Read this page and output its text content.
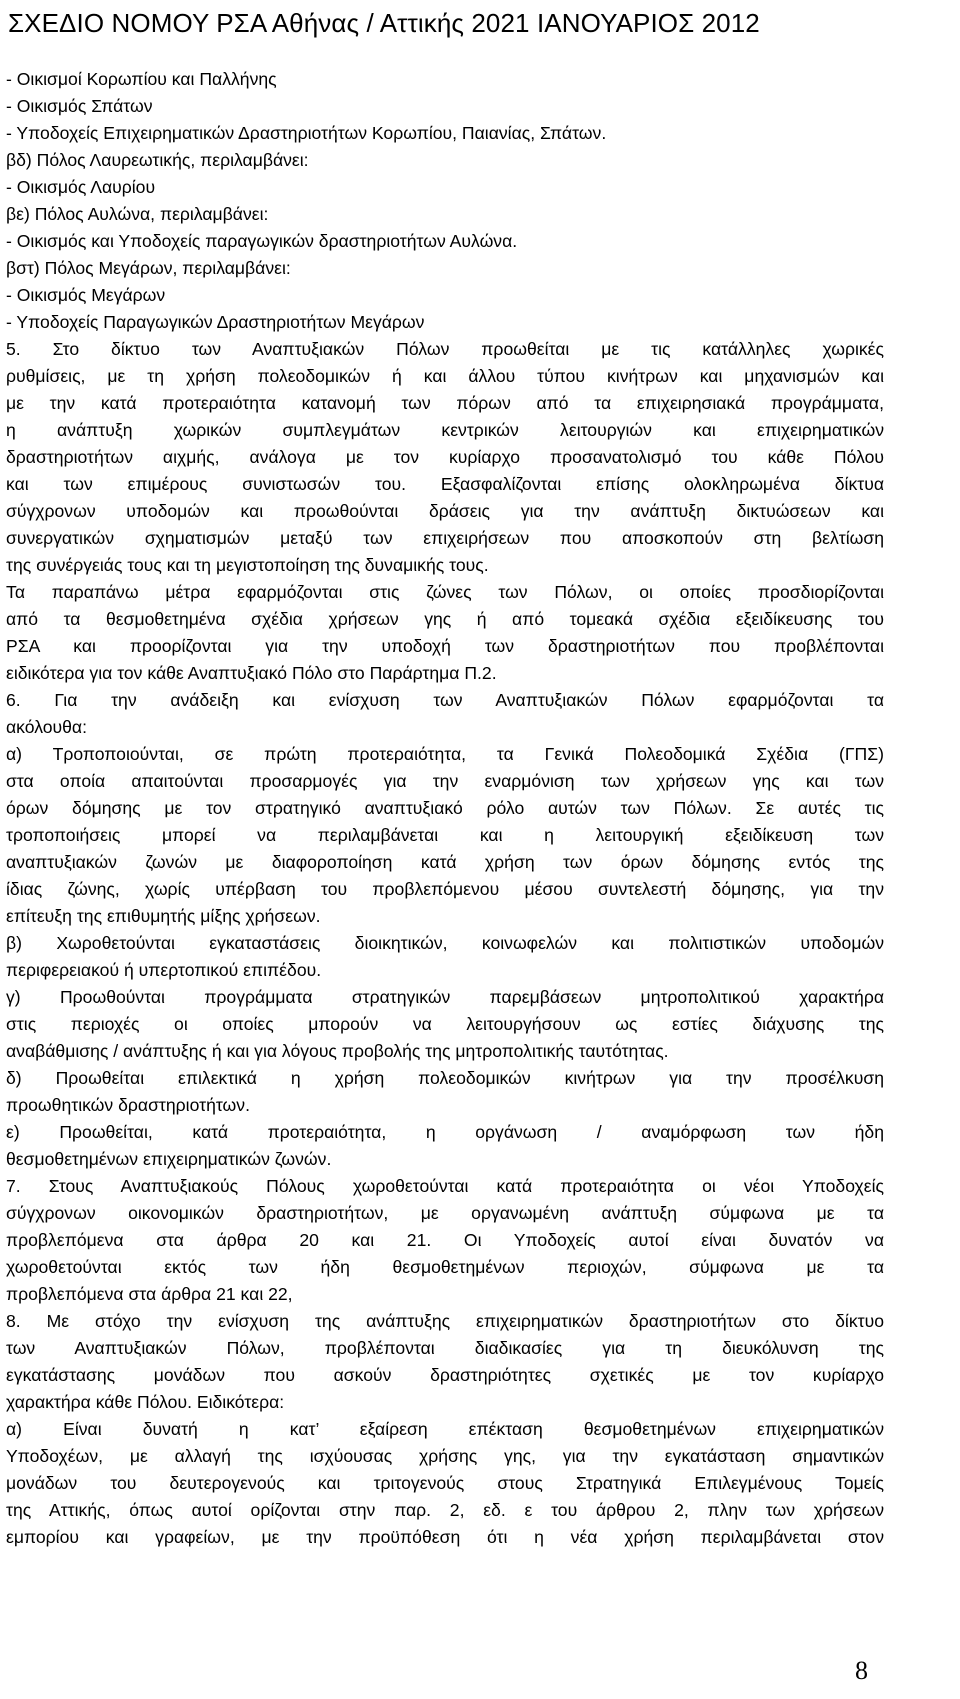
ΣΧΕΔΙΟ ΝΟΜΟΥ ΡΣΑ Αθήνας / Αττικής 2021 ΙΑΝΟΥΑΡΙΟΣ 2012
- Οικισμοί Κορωπίου και Παλλήνης
- Οικισμός Σπάτων
- Υποδοχείς Επιχειρηματικών Δραστηριοτήτων Κορωπίου, Παιανίας, Σπάτων.
βδ) Πόλος Λαυρεωτικής, περιλαμβάνει:
- Οικισμός Λαυρίου
βε) Πόλος Αυλώνα, περιλαμβάνει:
- Οικισμός και Υποδοχείς παραγωγικών δραστηριοτήτων Αυλώνα.
βστ) Πόλος Μεγάρων, περιλαμβάνει:
- Οικισμός Μεγάρων
- Υποδοχείς Παραγωγικών Δραστηριοτήτων Μεγάρων
5. Στο δίκτυο των Αναπτυξιακών Πόλων προωθείται με τις κατάλληλες χωρικές
ρυθμίσεις, με τη χρήση πολεοδομικών ή και άλλου τύπου κινήτρων και μηχανισμών και
με την κατά προτεραιότητα κατανομή των πόρων από τα επιχειρησιακά προγράμματα,
η ανάπτυξη χωρικών συμπλεγμάτων κεντρικών λειτουργιών και επιχειρηματικών
δραστηριοτήτων αιχμής, ανάλογα με τον κυρίαρχο προσανατολισμό του κάθε Πόλου
και των επιμέρους συνιστωσών του. Εξασφαλίζονται επίσης ολοκληρωμένα δίκτυα
σύγχρονων υποδομών και προωθούνται δράσεις για την ανάπτυξη δικτυώσεων και
συνεργατικών σχηματισμών μεταξύ των επιχειρήσεων που αποσκοπούν στη βελτίωση
της συνέργειάς τους και τη μεγιστοποίηση της δυναμικής τους.
Τα παραπάνω μέτρα εφαρμόζονται στις ζώνες των Πόλων, οι οποίες προσδιορίζονται
από τα θεσμοθετημένα σχέδια χρήσεων γης ή από τομεακά σχέδια εξειδίκευσης του
ΡΣΑ και προορίζονται για την υποδοχή των δραστηριοτήτων που προβλέπονται
ειδικότερα για τον κάθε Αναπτυξιακό Πόλο στο Παράρτημα Π.2.
6. Για την ανάδειξη και ενίσχυση των Αναπτυξιακών Πόλων εφαρμόζονται τα
ακόλουθα:
α) Τροποποιούνται, σε πρώτη προτεραιότητα, τα Γενικά Πολεοδομικά Σχέδια (ΓΠΣ)
στα οποία απαιτούνται προσαρμογές για την εναρμόνιση των χρήσεων γης και των
όρων δόμησης με τον στρατηγικό αναπτυξιακό ρόλο αυτών των Πόλων. Σε αυτές τις
τροποποιήσεις μπορεί να περιλαμβάνεται και η λειτουργική εξειδίκευση των
αναπτυξιακών ζωνών με διαφοροποίηση κατά χρήση των όρων δόμησης εντός της
ίδιας ζώνης, χωρίς υπέρβαση του προβλεπόμενου μέσου συντελεστή δόμησης, για την
επίτευξη της επιθυμητής μίξης χρήσεων.
β) Χωροθετούνται εγκαταστάσεις διοικητικών, κοινωφελών και πολιτιστικών υποδομών
περιφερειακού ή υπερτοπικού επιπέδου.
γ) Προωθούνται προγράμματα στρατηγικών παρεμβάσεων μητροπολιτικού χαρακτήρα
στις περιοχές οι οποίες μπορούν να λειτουργήσουν ως εστίες διάχυσης της
αναβάθμισης / ανάπτυξης ή και για λόγους προβολής της μητροπολιτικής ταυτότητας.
δ) Προωθείται επιλεκτικά η χρήση πολεοδομικών κινήτρων για την προσέλκυση
προωθητικών δραστηριοτήτων.
ε) Προωθείται, κατά προτεραιότητα, η οργάνωση / αναμόρφωση των ήδη
θεσμοθετημένων επιχειρηματικών ζωνών.
7. Στους Αναπτυξιακούς Πόλους χωροθετούνται κατά προτεραιότητα οι νέοι Υποδοχείς
σύγχρονων οικονομικών δραστηριοτήτων, με οργανωμένη ανάπτυξη σύμφωνα με τα
προβλεπόμενα στα άρθρα 20 και 21. Οι Υποδοχείς αυτοί είναι δυνατόν να
χωροθετούνται εκτός των ήδη θεσμοθετημένων περιοχών, σύμφωνα με τα
προβλεπόμενα στα άρθρα 21 και 22,
8. Με στόχο την ενίσχυση της ανάπτυξης επιχειρηματικών δραστηριοτήτων στο δίκτυο
των Αναπτυξιακών Πόλων, προβλέπονται διαδικασίες για τη διευκόλυνση της
εγκατάστασης μονάδων που ασκούν δραστηριότητες σχετικές με τον κυρίαρχο
χαρακτήρα κάθε Πόλου. Ειδικότερα:
α) Είναι δυνατή η κατ’ εξαίρεση επέκταση θεσμοθετημένων επιχειρηματικών
Υποδοχέων, με αλλαγή της ισχύουσας χρήσης γης, για την εγκατάσταση σημαντικών
μονάδων του δευτερογενούς και τριτογενούς στους Στρατηγικά Επιλεγμένους Τομείς
της Αττικής, όπως αυτοί ορίζονται στην παρ. 2, εδ. ε του άρθρου 2, πλην των χρήσεων
εμπορίου και γραφείων, με την προϋπόθεση ότι η νέα χρήση περιλαμβάνεται στον
8
